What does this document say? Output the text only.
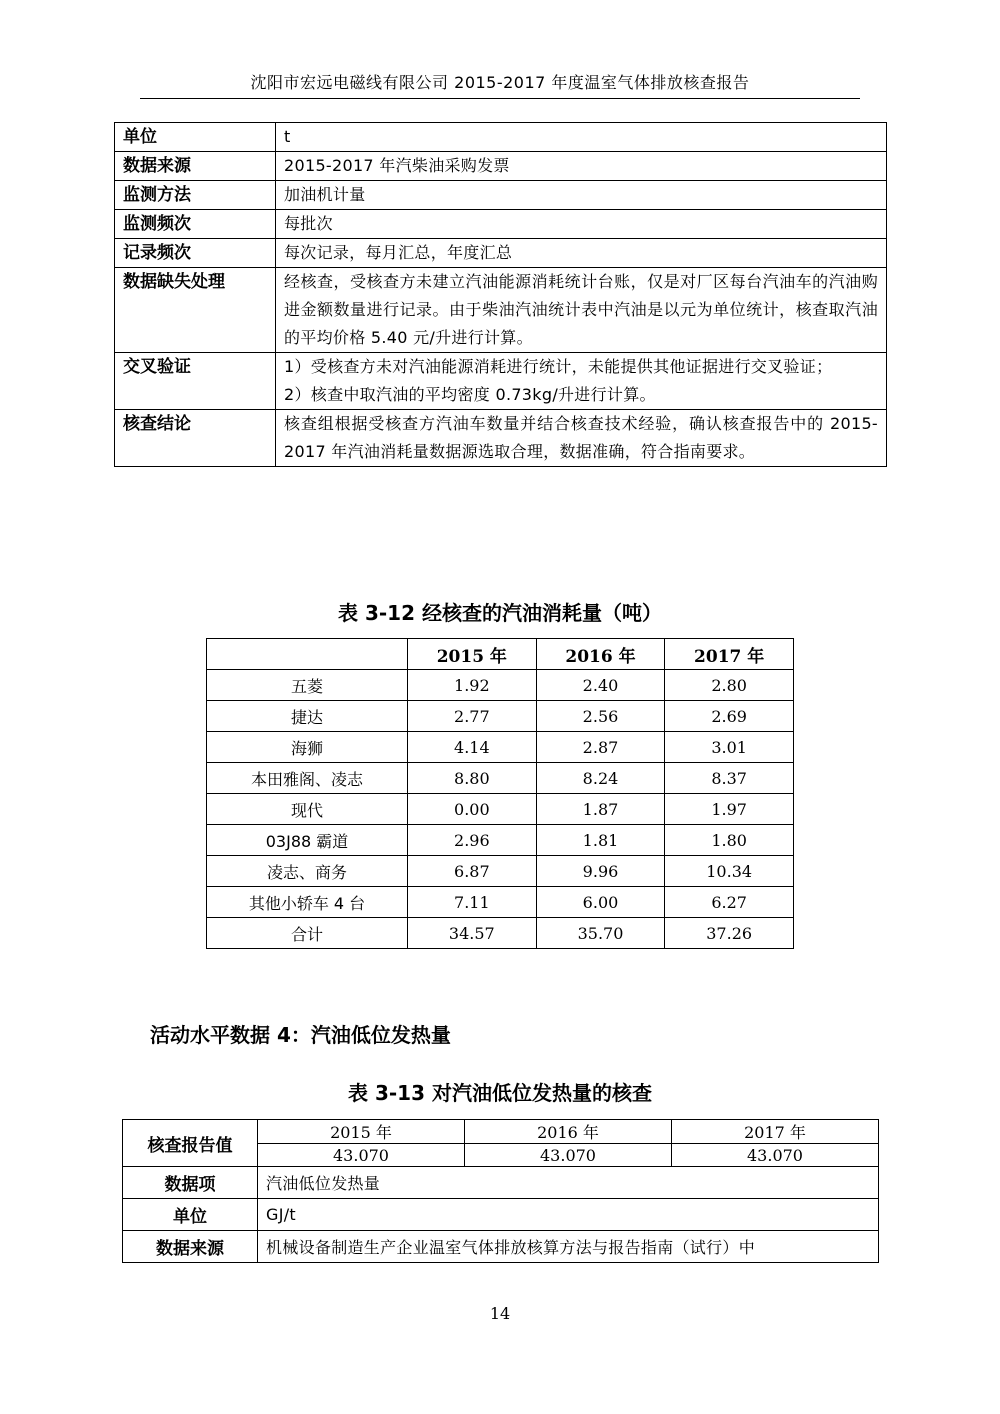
沈阳市宏远电磁线有限公司 2015-2017 年度温室气体排放核查报告
单位	t
数据来源	2015-2017 年汽柴油采购发票
监测方法	加油机计量
监测频次	每批次
记录频次	每次记录，每月汇总，年度汇总
数据缺失处理	经核查，受核查方未建立汽油能源消耗统计台账，仅是对厂区每台汽油车的汽油购进金额数量进行记录。由于柴油汽油统计表中汽油是以元为单位统计，核查取汽油的平均价格 5.40 元/升进行计算。
交叉验证	1）受核查方未对汽油能源消耗进行统计，未能提供其他证据进行交叉验证；
2）核查中取汽油的平均密度 0.73kg/升进行计算。

核查结论	核查组根据受核查方汽油车数量并结合核查技术经验，确认核查报告中的 2015-2017 年汽油消耗量数据源选取合理，数据准确，符合指南要求。
表 3-12 经核查的汽油消耗量（吨）
	2015 年	2016 年	2017 年
五菱	1.92	2.40	2.80
捷达	2.77	2.56	2.69
海狮	4.14	2.87	3.01
本田雅阁、凌志	8.80	8.24	8.37
现代	0.00	1.87	1.97
03J88 霸道	2.96	1.81	1.80
凌志、商务	6.87	9.96	10.34
其他小轿车 4 台	7.11	6.00	6.27
合计	34.57	35.70	37.26
活动水平数据 4：汽油低位发热量
表 3-13 对汽油低位发热量的核查
核查报告值	2015 年	2016 年	2017 年
	43.070	43.070	43.070
数据项	汽油低位发热量		
单位	GJ/t		
数据来源	机械设备制造生产企业温室气体排放核算方法与报告指南（试行）中		
14
